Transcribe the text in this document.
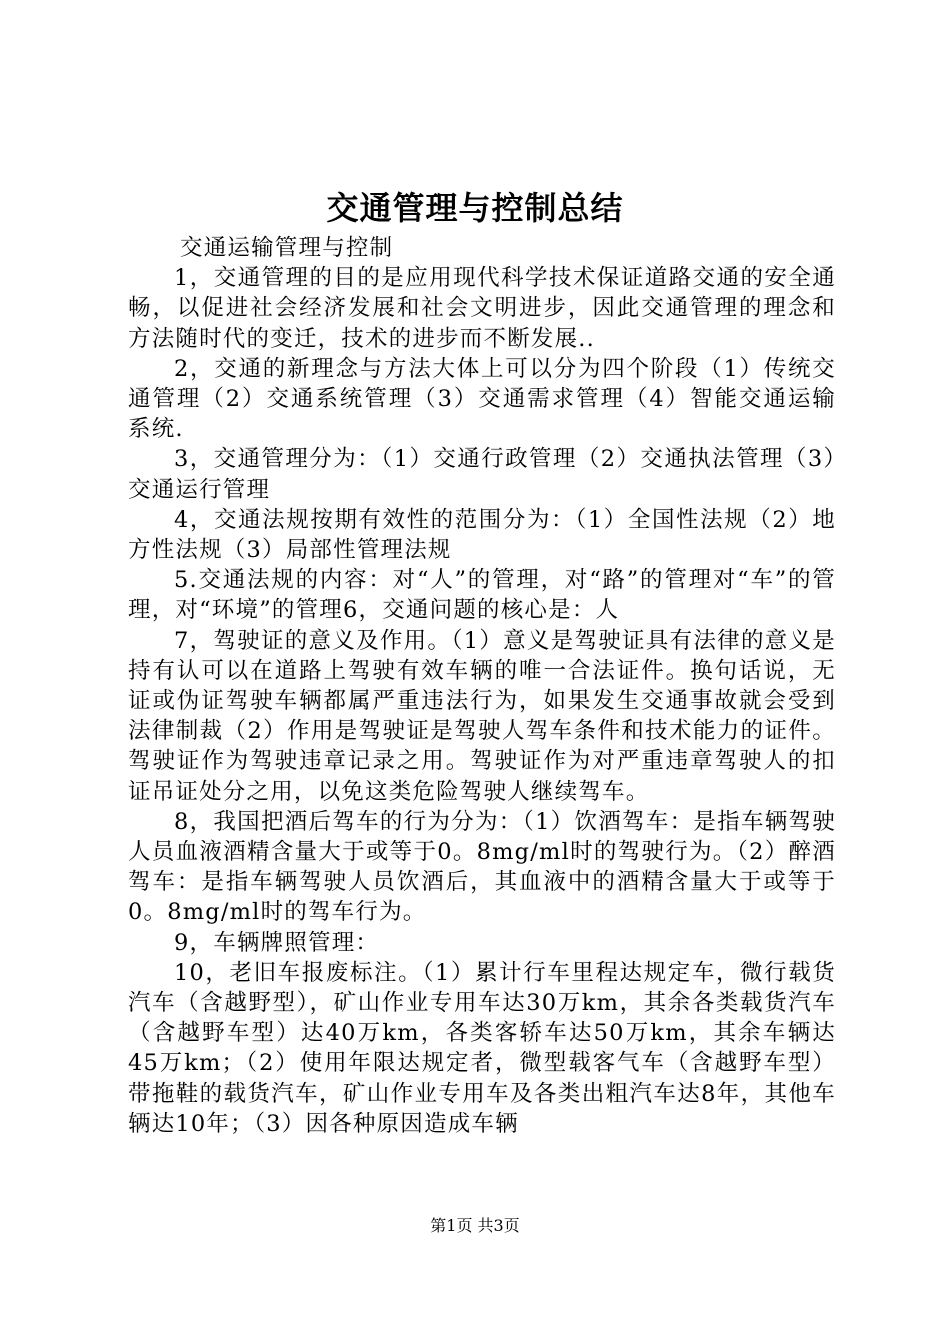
交通管理与控制总结

交通运输管理与控制

1，交通管理的目的是应用现代科学技术保证道路交通的安全通畅，以促进社会经济发展和社会文明进步，因此交通管理的理念和方法随时代的变迁，技术的进步而不断发展..

2，交通的新理念与方法大体上可以分为四个阶段（1）传统交通管理（2）交通系统管理（3）交通需求管理（4）智能交通运输系统.

3，交通管理分为：（1）交通行政管理（2）交通执法管理（3）交通运行管理

4，交通法规按期有效性的范围分为：（1）全国性法规（2）地方性法规（3）局部性管理法规

5.交通法规的内容：对“人”的管理，对“路”的管理对“车”的管理，对“环境”的管理6，交通问题的核心是：人

7，驾驶证的意义及作用。（1）意义是驾驶证具有法律的意义是持有认可以在道路上驾驶有效车辆的唯一合法证件。换句话说，无证或伪证驾驶车辆都属严重违法行为，如果发生交通事故就会受到法律制裁（2）作用是驾驶证是驾驶人驾车条件和技术能力的证件。驾驶证作为驾驶违章记录之用。驾驶证作为对严重违章驾驶人的扣证吊证处分之用，以免这类危险驾驶人继续驾车。

8，我国把酒后驾车的行为分为：（1）饮酒驾车：是指车辆驾驶人员血液酒精含量大于或等于0。8mg/ml时的驾驶行为。（2）醉酒驾车：是指车辆驾驶人员饮酒后，其血液中的酒精含量大于或等于0。8mg/ml时的驾车行为。

9，车辆牌照管理：

10，老旧车报废标注。（1）累计行车里程达规定车，微行载货汽车（含越野型），矿山作业专用车达30万km，其余各类载货汽车（含越野车型）达40万km，各类客轿车达50万km，其余车辆达45万km；（2）使用年限达规定者，微型载客气车（含越野车型）带拖鞋的载货汽车，矿山作业专用车及各类出粗汽车达8年，其他车辆达10年；（3）因各种原因造成车辆

第1页 共3页
